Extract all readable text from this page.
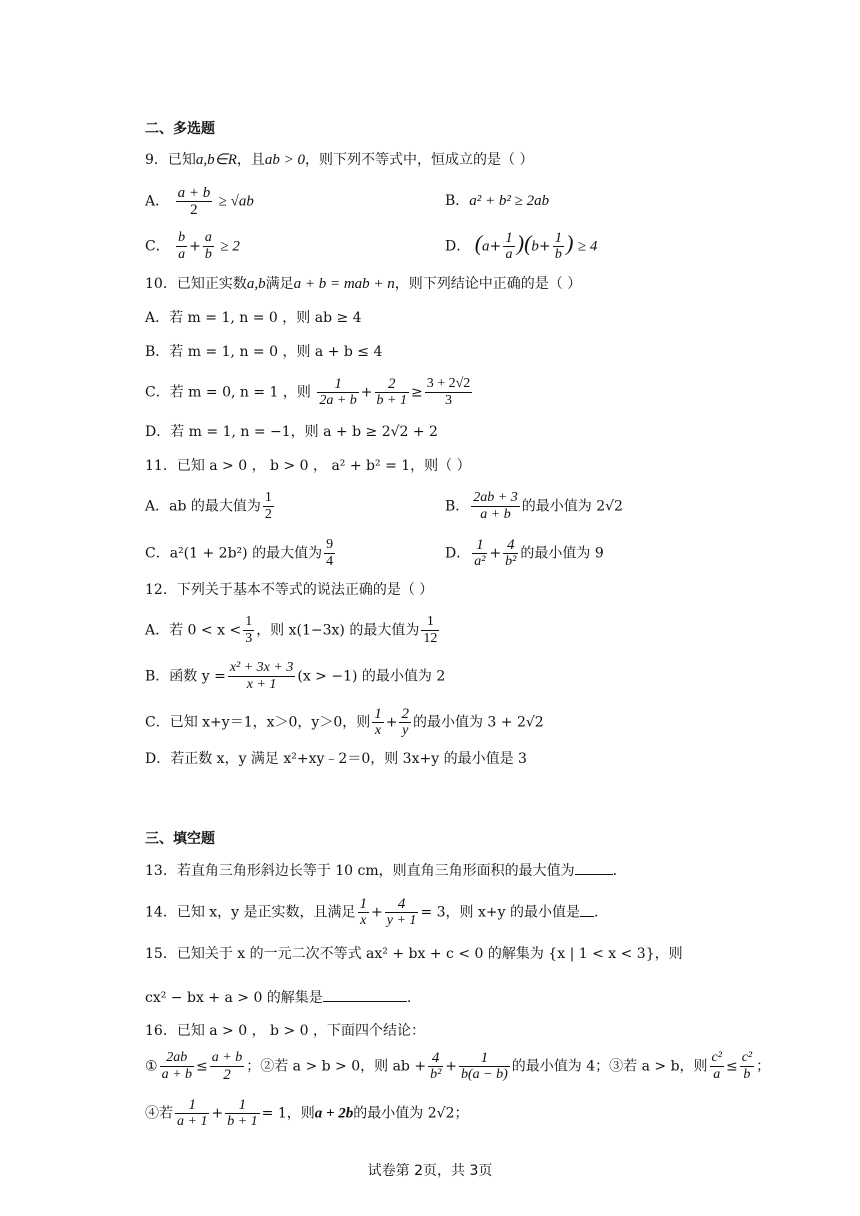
二、多选题
9．已知a,b∈R，且ab > 0，则下列不等式中，恒成立的是（ ）
A． $\frac{a + b}{2} \ge √ab$	B．a² + b² ≥ 2ab
C． $\frac{b}{a} + \frac{a}{b} \ge 2$	D． $(a+ \frac{1}{a} )(b+ \frac{1}{b}$ ) ≥ 4
10．已知正实数a,b满足a + b = mab + n，则下列结论中正确的是（ ）
A．若 m = 1, n = 0 ，则 ab ≥ 4
B．若 m = 1, n = 0 ，则 a + b ≤ 4
C．若 m = 0, n = 1 ，则 $\frac{1}{2a + b} + \frac{2}{b + 1} \ge \frac{3 + 2√2}{3}$
D．若 m = 1, n = −1，则 a + b ≥ 2√2 + 2
11．已知 a > 0 ， b > 0 ， a² + b² = 1，则（ ）
A．ab 的最大值为 $\frac{1}{2}$	B． $\frac{2ab + 3}{a + b}$ 的最小值为 2√2
C．a²(1 + 2b²) 的最大值为 $\frac{9}{4}$	D． $\frac{1}{\text{a²}} + \frac{4}{\text{b²}}$ 的最小值为 9
12．下列关于基本不等式的说法正确的是（ ）
A．若 $0 < x < \frac{1}{3}$ ，则 x(1−3x) 的最大值为 $\frac{1}{12}$
B．函数 $y = \frac{\text{x² + 3x + 3}}{x + 1} (x > -1)$ 的最小值为 2
C．已知 x+y＝1，x＞0，y＞0，则 $\frac{1}{x} + \frac{2}{y}$ 的最小值为 3 + 2√2
D．若正数 x，y 满足 x²+xy﹣2＝0，则 3x+y 的最小值是 3
三、填空题
13．若直角三角形斜边长等于 10 cm，则直角三角形面积的最大值为	.
14．已知 x，y 是正实数，且满足 $\frac{1}{x} + \frac{4}{y + 1} = 3$，则 x+y 的最小值是 .
15．已知关于 x 的一元二次不等式 ax² + bx + c < 0 的解集为 {x | 1 < x < 3}，则
cx² − bx + a > 0 的解集是	.
16．已知 a > 0 ， b > 0 ，下面四个结论：
① $\frac{2ab}{a + b} \le \frac{a + b}{2}$ ；②若 a > b > 0，则 ab + $\frac{4}{\text{b²}} + \frac{1}{b(a - b)}$ 的最小值为 4；③若 a > b，则 $\frac{\text{c²}}{a} \le \frac{\text{c²}}{b}$ ；
④若 $\frac{1}{a + 1} + \frac{1}{b + 1} = 1$，则a + 2b的最小值为 2√2；
试卷第 2页，共 3页
